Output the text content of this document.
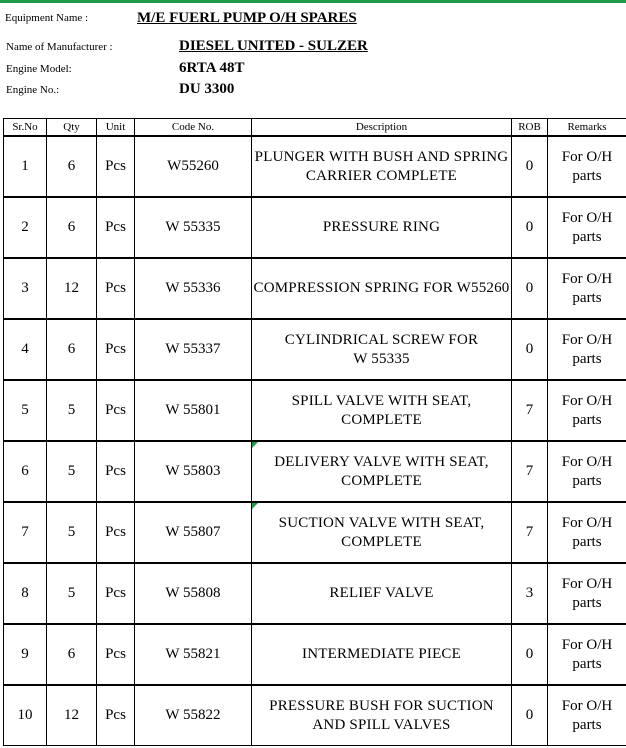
Equipment Name :	M/E FUERL PUMP O/H SPARES
Name of Manufacturer :	DIESEL UNITED - SULZER
Engine Model:	6RTA 48T
Engine No.:	DU 3300
Sr.No	Qty	Unit	Code No.	Description	ROB	Remarks
1	6	Pcs	W55260	PLUNGER WITH BUSH AND SPRING
CARRIER COMPLETE	0	For O/H
parts
2	6	Pcs	W 55335	PRESSURE RING	0	For O/H
parts
3	12	Pcs	W 55336	COMPRESSION SPRING FOR W55260	0	For O/H
parts
4	6	Pcs	W 55337	CYLINDRICAL SCREW FOR
W 55335	0	For O/H
parts
5	5	Pcs	W 55801	SPILL VALVE WITH SEAT,
COMPLETE	7	For O/H
parts
6	5	Pcs	W 55803	DELIVERY VALVE WITH SEAT,
COMPLETE	7	For O/H
parts
7	5	Pcs	W 55807	SUCTION VALVE WITH SEAT,
COMPLETE	7	For O/H
parts
8	5	Pcs	W 55808	RELIEF VALVE	3	For O/H
parts
9	6	Pcs	W 55821	INTERMEDIATE PIECE	0	For O/H
parts
10	12	Pcs	W 55822	PRESSURE BUSH FOR SUCTION
AND SPILL VALVES	0	For O/H
parts
